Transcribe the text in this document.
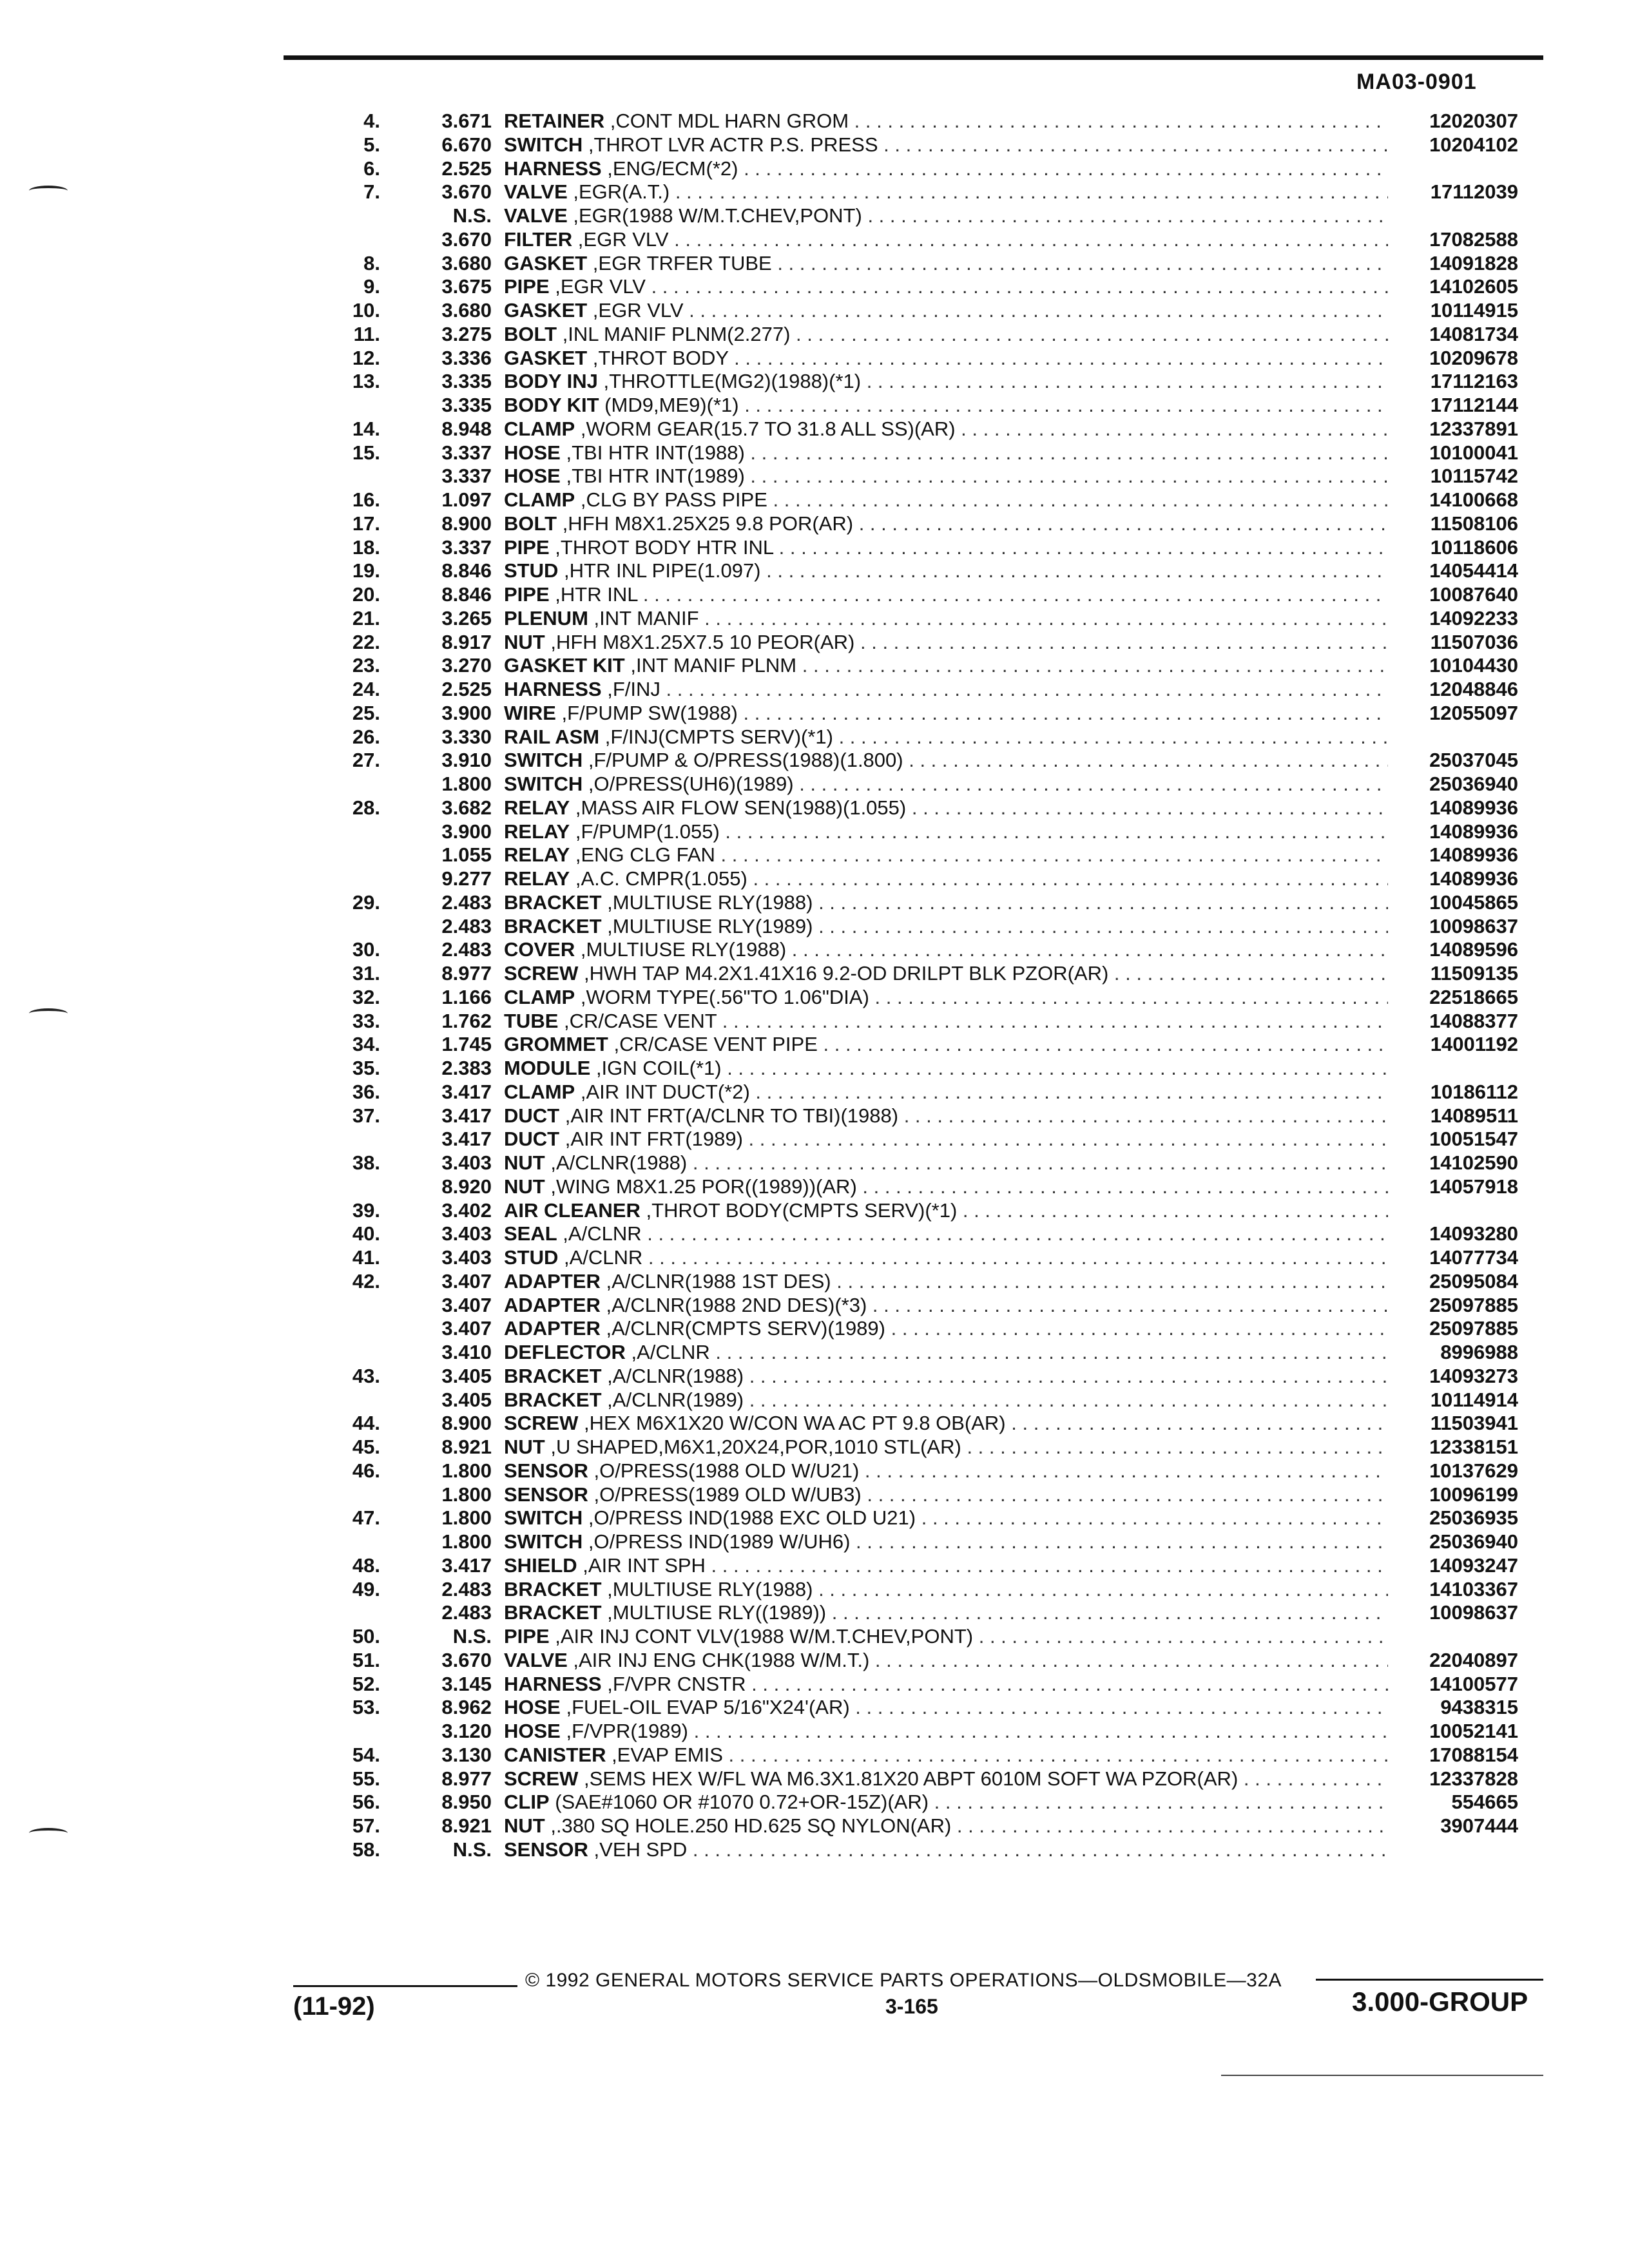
MA03-0901
4.	3.671 RETAINER ,CONT MDL HARN GROM . . .	12020307
5.	6.670 SWITCH ,THROT LVR ACTR P.S. PRESS . . .	10204102
6.	2.525 HARNESS ,ENG/ECM(*2) . . .
7.	3.670 VALVE ,EGR(A.T.) . . .	17112039
N.S. VALVE ,EGR(1988 W/M.T.CHEV,PONT) . . .
3.670 FILTER ,EGR VLV . . .	17082588
8.	3.680 GASKET ,EGR TRFER TUBE . . .	14091828
9.	3.675 PIPE ,EGR VLV . . .	14102605
10.	3.680 GASKET ,EGR VLV . . .	10114915
11.	3.275 BOLT ,INL MANIF PLNM(2.277) . . .	14081734
12.	3.336 GASKET ,THROT BODY . . .	10209678
13.	3.335 BODY INJ ,THROTTLE(MG2)(1988)(*1) . . .	17112163
3.335 BODY KIT (MD9,ME9)(*1) . . .	17112144
14.	8.948 CLAMP ,WORM GEAR(15.7 TO 31.8 ALL SS)(AR) . . .	12337891
15.	3.337 HOSE ,TBI HTR INT(1988) . . .	10100041
3.337 HOSE ,TBI HTR INT(1989) . . .	10115742
16.	1.097 CLAMP ,CLG BY PASS PIPE . . .	14100668
17.	8.900 BOLT ,HFH M8X1.25X25 9.8 POR(AR) . . .	11508106
18.	3.337 PIPE ,THROT BODY HTR INL . . .	10118606
19.	8.846 STUD ,HTR INL PIPE(1.097) . . .	14054414
20.	8.846 PIPE ,HTR INL . . .	10087640
21.	3.265 PLENUM ,INT MANIF . . .	14092233
22.	8.917 NUT ,HFH M8X1.25X7.5 10 PEOR(AR) . . .	11507036
23.	3.270 GASKET KIT ,INT MANIF PLNM . . .	10104430
24.	2.525 HARNESS ,F/INJ . . .	12048846
25.	3.900 WIRE ,F/PUMP SW(1988) . . .	12055097
26.	3.330 RAIL ASM ,F/INJ(CMPTS SERV)(*1) . . .
27.	3.910 SWITCH ,F/PUMP & O/PRESS(1988)(1.800) . . .	25037045
1.800 SWITCH ,O/PRESS(UH6)(1989) . . .	25036940
28.	3.682 RELAY ,MASS AIR FLOW SEN(1988)(1.055) . . .	14089936
3.900 RELAY ,F/PUMP(1.055) . . .	14089936
1.055 RELAY ,ENG CLG FAN . . .	14089936
9.277 RELAY ,A.C. CMPR(1.055) . . .	14089936
29.	2.483 BRACKET ,MULTIUSE RLY(1988) . . .	10045865
2.483 BRACKET ,MULTIUSE RLY(1989) . . .	10098637
30.	2.483 COVER ,MULTIUSE RLY(1988) . . .	14089596
31.	8.977 SCREW ,HWH TAP M4.2X1.41X16 9.2-OD DRILPT BLK PZOR(AR) . . .	11509135
32.	1.166 CLAMP ,WORM TYPE(.56"TO 1.06"DIA) . . .	22518665
33.	1.762 TUBE ,CR/CASE VENT . . .	14088377
34.	1.745 GROMMET ,CR/CASE VENT PIPE . . .	14001192
35.	2.383 MODULE ,IGN COIL(*1) . . .
36.	3.417 CLAMP ,AIR INT DUCT(*2) . . .	10186112
37.	3.417 DUCT ,AIR INT FRT(A/CLNR TO TBI)(1988) . . .	14089511
3.417 DUCT ,AIR INT FRT(1989) . . .	10051547
38.	3.403 NUT ,A/CLNR(1988) . . .	14102590
8.920 NUT ,WING M8X1.25 POR((1989))(AR) . . .	14057918
39.	3.402 AIR CLEANER ,THROT BODY(CMPTS SERV)(*1) . . .
40.	3.403 SEAL ,A/CLNR . . .	14093280
41.	3.403 STUD ,A/CLNR . . .	14077734
42.	3.407 ADAPTER ,A/CLNR(1988 1ST DES) . . .	25095084
3.407 ADAPTER ,A/CLNR(1988 2ND DES)(*3) . . .	25097885
3.407 ADAPTER ,A/CLNR(CMPTS SERV)(1989) . . .	25097885
3.410 DEFLECTOR ,A/CLNR . . .	8996988
43.	3.405 BRACKET ,A/CLNR(1988) . . .	14093273
3.405 BRACKET ,A/CLNR(1989) . . .	10114914
44.	8.900 SCREW ,HEX M6X1X20 W/CON WA AC PT 9.8 OB(AR) . . .	11503941
45.	8.921 NUT ,U SHAPED,M6X1,20X24,POR,1010 STL(AR) . . .	12338151
46.	1.800 SENSOR ,O/PRESS(1988 OLD W/U21) . . .	10137629
1.800 SENSOR ,O/PRESS(1989 OLD W/UB3) . . .	10096199
47.	1.800 SWITCH ,O/PRESS IND(1988 EXC OLD U21) . . .	25036935
1.800 SWITCH ,O/PRESS IND(1989 W/UH6) . . .	25036940
48.	3.417 SHIELD ,AIR INT SPH . . .	14093247
49.	2.483 BRACKET ,MULTIUSE RLY(1988) . . .	14103367
2.483 BRACKET ,MULTIUSE RLY((1989)) . . .	10098637
50.	N.S. PIPE ,AIR INJ CONT VLV(1988 W/M.T.CHEV,PONT) . . .
51.	3.670 VALVE ,AIR INJ ENG CHK(1988 W/M.T.) . . .	22040897
52.	3.145 HARNESS ,F/VPR CNSTR . . .	14100577
53.	8.962 HOSE ,FUEL-OIL EVAP 5/16"X24'(AR) . . .	9438315
3.120 HOSE ,F/VPR(1989) . . .	10052141
54.	3.130 CANISTER ,EVAP EMIS . . .	17088154
55.	8.977 SCREW ,SEMS HEX W/FL WA M6.3X1.81X20 ABPT 6010M SOFT WA PZOR(AR) . . .	12337828
56.	8.950 CLIP (SAE#1060 OR #1070 0.72+OR-15Z)(AR) . . .	554665
57.	8.921 NUT ,.380 SQ HOLE.250 HD.625 SQ NYLON(AR) . . .	3907444
58.	N.S. SENSOR ,VEH SPD . . .
© 1992 GENERAL MOTORS SERVICE PARTS OPERATIONS—OLDSMOBILE—32A
(11-92)	3-165	3.000-GROUP
